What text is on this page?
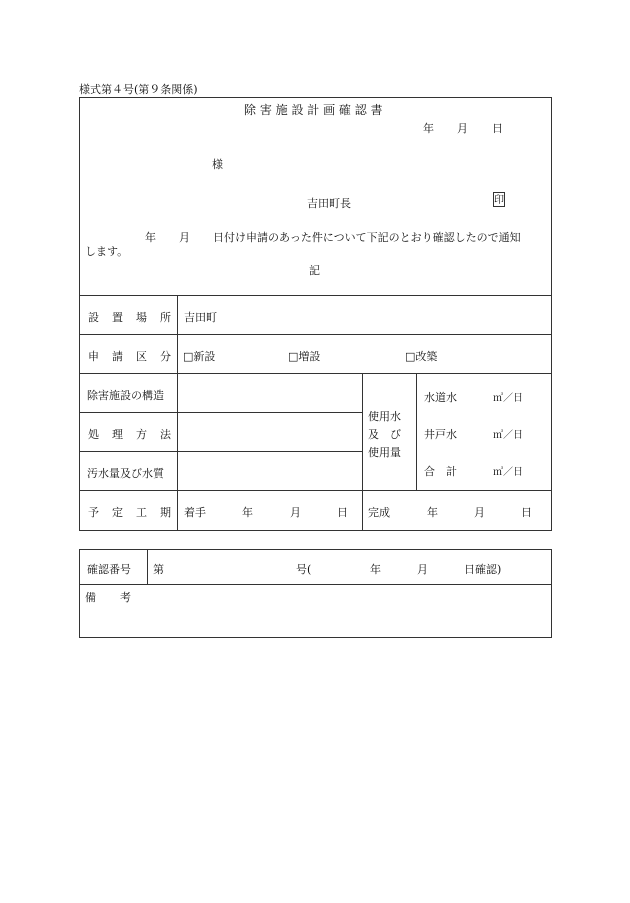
様式第４号(第９条関係)
除 害 施 設 計 画 確 認 書
年 月 日
様
吉田町長	印
年 月 日付け申請のあった件について下記のとおり確認したので通知
します。
記
設 置 場 所 吉田町
申 請 区 分 □新設	□増設	□改築
除害施設の構造
処 理 方 法
汚水量及び水質
使用水
及　び
使用量
水道水	㎥／日
井戸水	㎥／日
合　計	㎥／日
予 定 工 期 着手	年	月	日 完成	年	月	日
確認番号 第	号(	年	月	日確認)
備 考
